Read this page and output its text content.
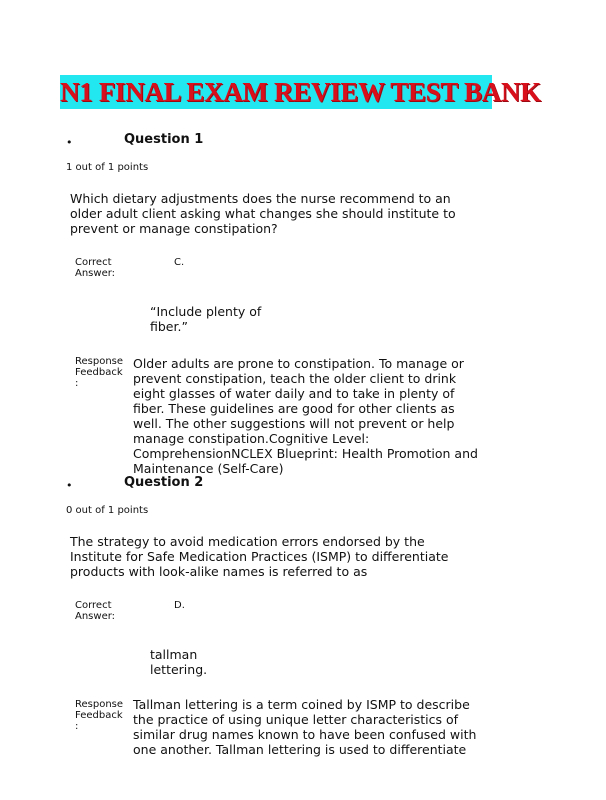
N1 FINAL EXAM REVIEW TEST BANK
•	Question 1
1 out of 1 points
Which dietary adjustments does the nurse recommend to an older adult client asking what changes she should institute to prevent or manage constipation?
Correct
Answer:
C.
“Include plenty of
fiber.”
Response
Feedback
:
Older adults are prone to constipation. To manage or prevent constipation, teach the older client to drink eight glasses of water daily and to take in plenty of fiber. These guidelines are good for other clients as well. The other suggestions will not prevent or help manage constipation.Cognitive Level: ComprehensionNCLEX Blueprint: Health Promotion and Maintenance (Self-Care)
•	Question 2
0 out of 1 points
The strategy to avoid medication errors endorsed by the Institute for Safe Medication Practices (ISMP) to differentiate products with look-alike names is referred to as
Correct
Answer:
D.
tallman
lettering.
Response
Feedback
:
Tallman lettering is a term coined by ISMP to describe the practice of using unique letter characteristics of similar drug names known to have been confused with one another. Tallman lettering is used to differentiate
